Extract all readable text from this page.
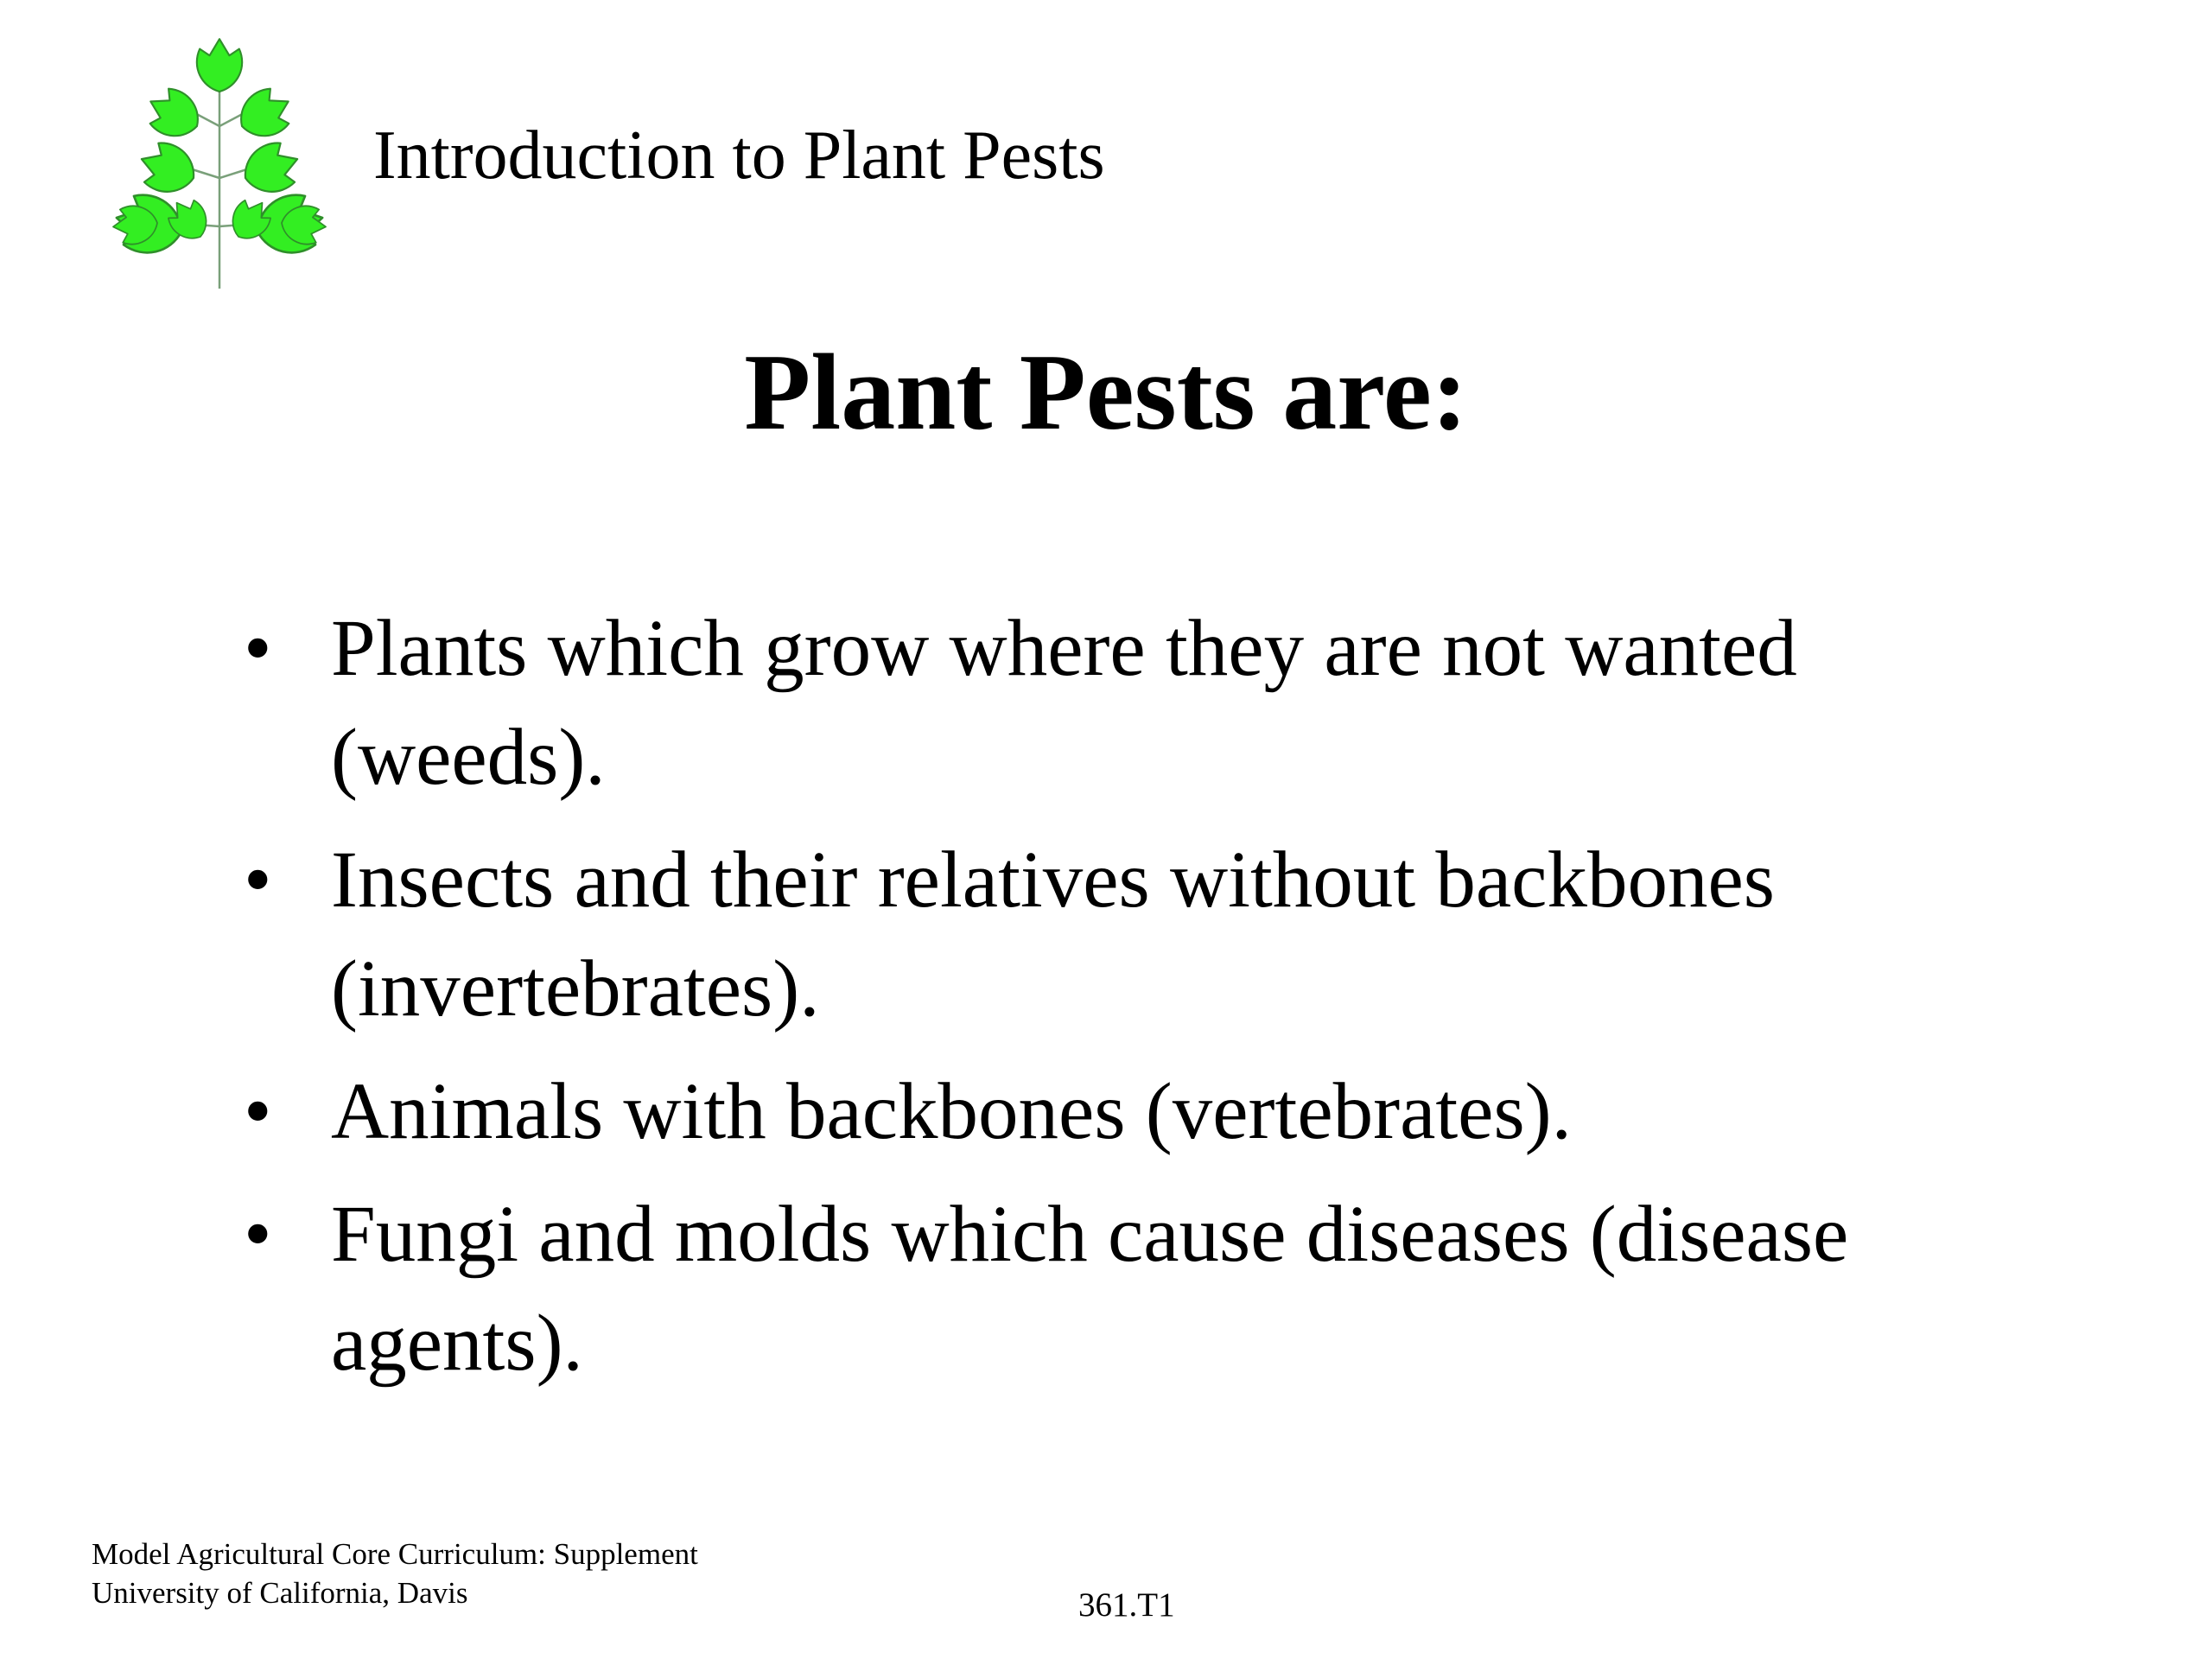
Introduction to Plant Pests
Plant Pests are:
• Plants which grow where they are not wanted (weeds).
• Insects and their relatives without backbones (invertebrates).
• Animals with backbones (vertebrates).
• Fungi and molds which cause diseases (disease agents).
Model Agricultural Core Curriculum: Supplement
University of California, Davis	361.T1
